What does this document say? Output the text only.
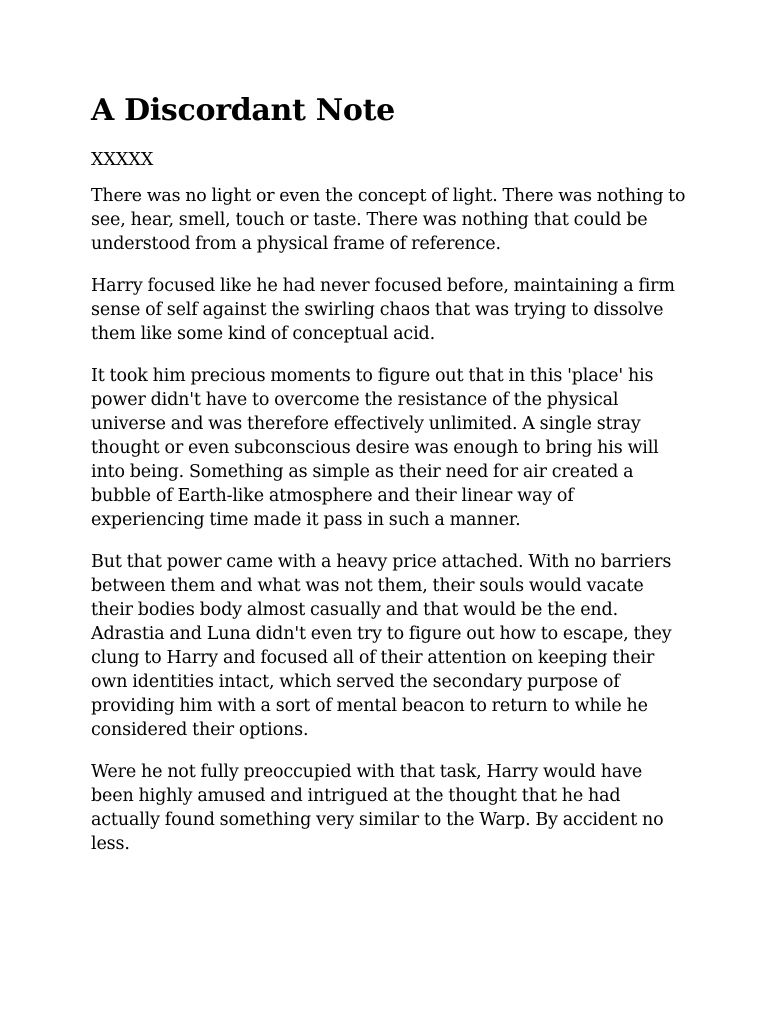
A Discordant Note
XXXXX

There was no light or even the concept of light. There was nothing to
see, hear, smell, touch or taste. There was nothing that could be
understood from a physical frame of reference.

Harry focused like he had never focused before, maintaining a firm
sense of self against the swirling chaos that was trying to dissolve
them like some kind of conceptual acid.

It took him precious moments to figure out that in this 'place' his
power didn't have to overcome the resistance of the physical
universe and was therefore effectively unlimited. A single stray
thought or even subconscious desire was enough to bring his will
into being. Something as simple as their need for air created a
bubble of Earth-like atmosphere and their linear way of
experiencing time made it pass in such a manner.

But that power came with a heavy price attached. With no barriers
between them and what was not them, their souls would vacate
their bodies body almost casually and that would be the end.
Adrastia and Luna didn't even try to figure out how to escape, they
clung to Harry and focused all of their attention on keeping their
own identities intact, which served the secondary purpose of
providing him with a sort of mental beacon to return to while he
considered their options.

Were he not fully preoccupied with that task, Harry would have
been highly amused and intrigued at the thought that he had
actually found something very similar to the Warp. By accident no
less.
